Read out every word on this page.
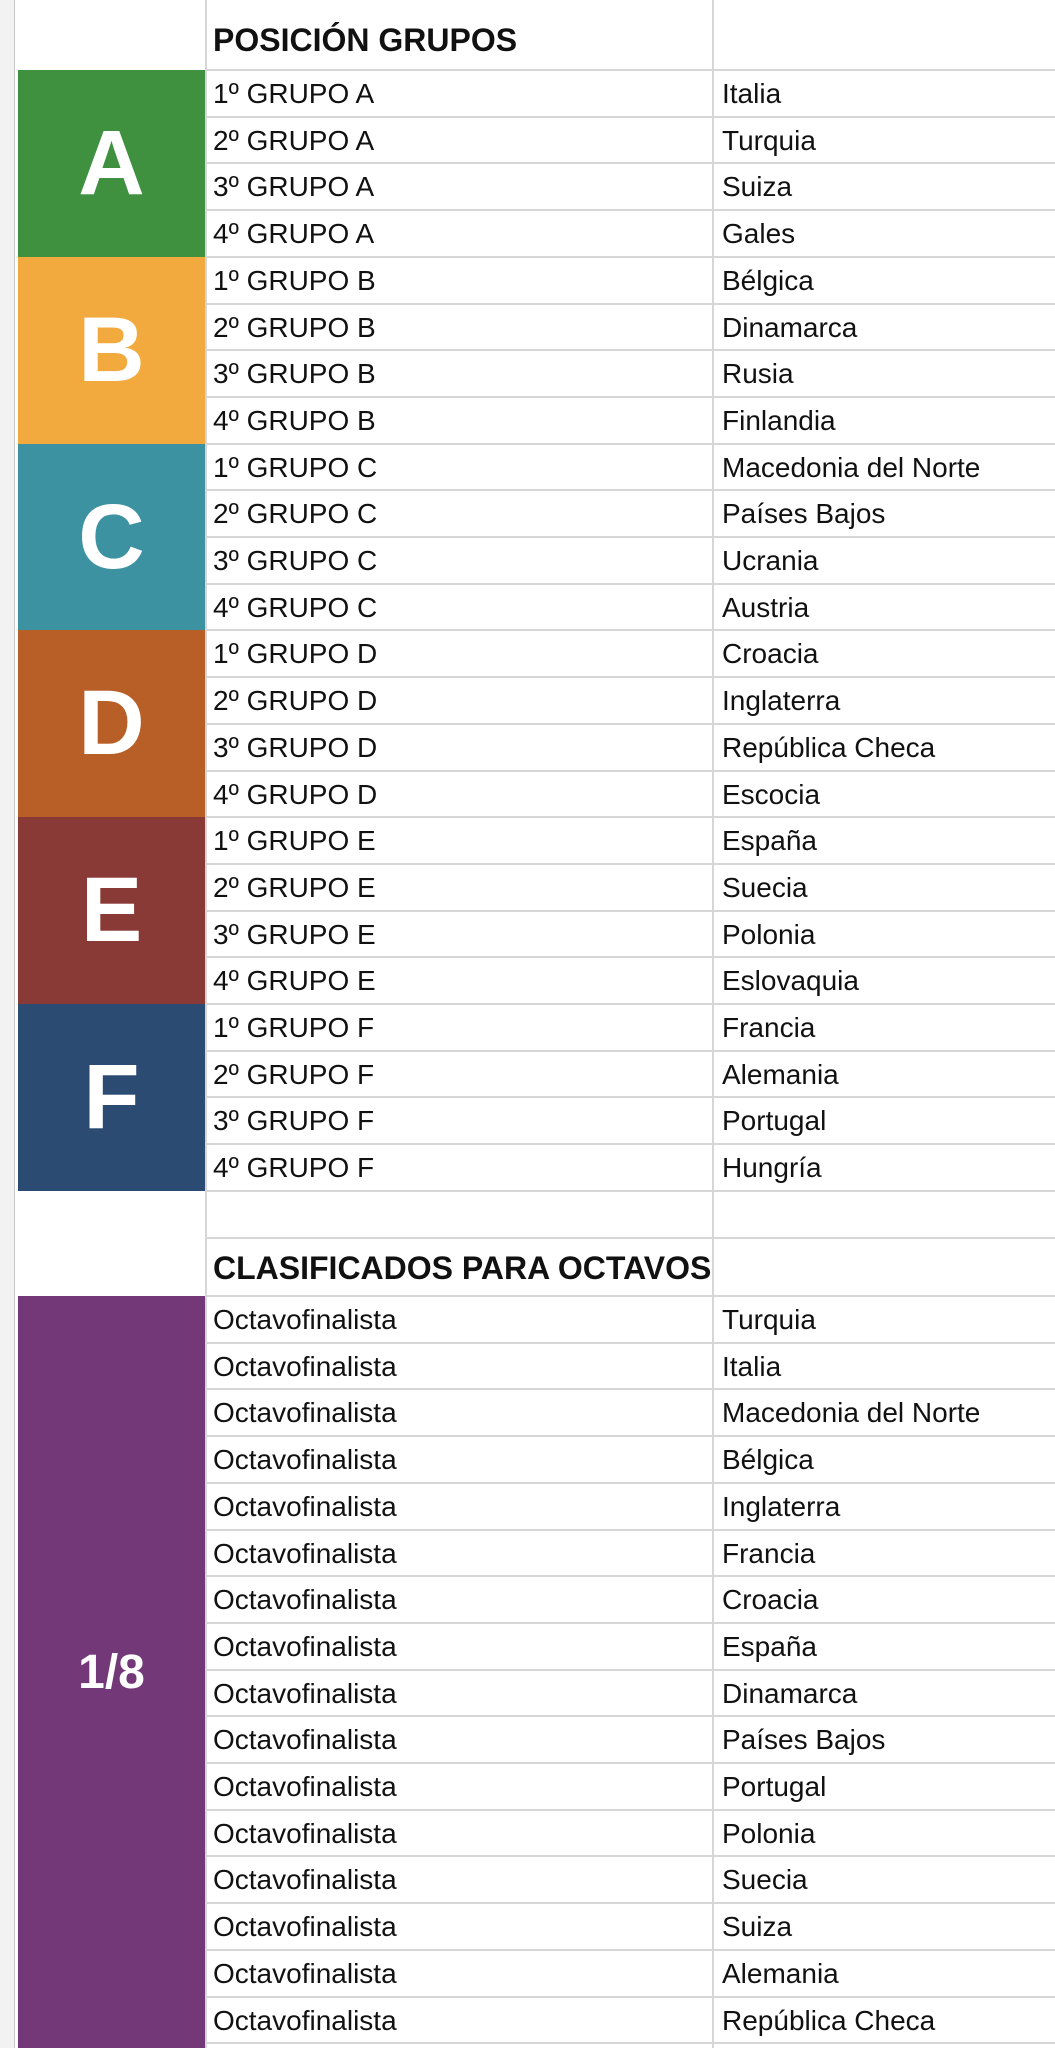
POSICIÓN GRUPOS
CLASIFICADOS PARA OCTAVOS
A
1º GRUPO A	Italia
2º GRUPO A	Turquia
3º GRUPO A	Suiza
4º GRUPO A	Gales
B
1º GRUPO B	Bélgica
2º GRUPO B	Dinamarca
3º GRUPO B	Rusia
4º GRUPO B	Finlandia
C
1º GRUPO C	Macedonia del Norte
2º GRUPO C	Países Bajos
3º GRUPO C	Ucrania
4º GRUPO C	Austria
D
1º GRUPO D	Croacia
2º GRUPO D	Inglaterra
3º GRUPO D	República Checa
4º GRUPO D	Escocia
E
1º GRUPO E	España
2º GRUPO E	Suecia
3º GRUPO E	Polonia
4º GRUPO E	Eslovaquia
F
1º GRUPO F	Francia
2º GRUPO F	Alemania
3º GRUPO F	Portugal
4º GRUPO F	Hungría
1/8
Octavofinalista	Turquia
Octavofinalista	Italia
Octavofinalista	Macedonia del Norte
Octavofinalista	Bélgica
Octavofinalista	Inglaterra
Octavofinalista	Francia
Octavofinalista	Croacia
Octavofinalista	España
Octavofinalista	Dinamarca
Octavofinalista	Países Bajos
Octavofinalista	Portugal
Octavofinalista	Polonia
Octavofinalista	Suecia
Octavofinalista	Suiza
Octavofinalista	Alemania
Octavofinalista	República Checa
